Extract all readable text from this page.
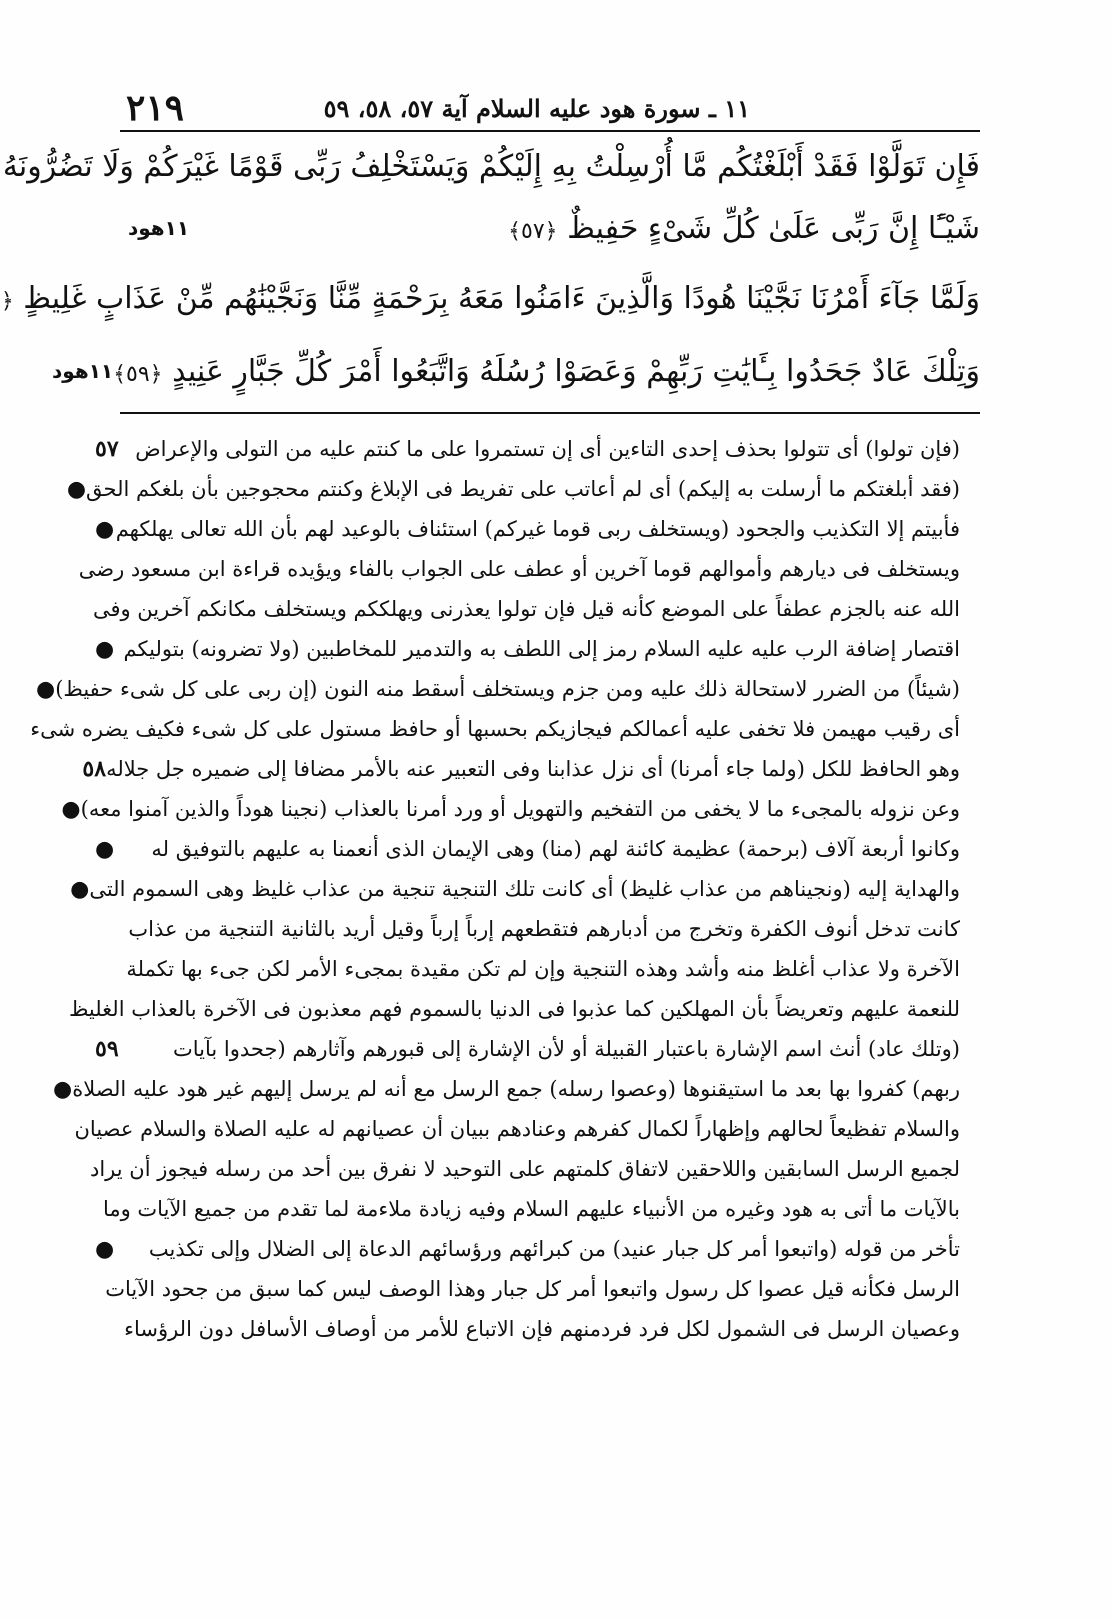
٢١٩	١١ ـ سورة هود عليه السلام آية ٥٧، ٥٨، ٥٩
فَإِن تَوَلَّوْا فَقَدْ أَبْلَغْتُكُم مَّا أُرْسِلْتُ بِهِ إِلَيْكُمْ وَيَسْتَخْلِفُ رَبِّى قَوْمًا غَيْرَكُمْ وَلَا تَضُرُّونَهُ
شَيْـًٔا إِنَّ رَبِّى عَلَىٰ كُلِّ شَىْءٍ حَفِيظٌ ﴿٥٧﴾
١١هود
وَلَمَّا جَآءَ أَمْرُنَا نَجَّيْنَا هُودًا وَالَّذِينَ ءَامَنُوا مَعَهُ بِرَحْمَةٍ مِّنَّا وَنَجَّيْنَٰهُم مِّنْ عَذَابٍ غَلِيظٍ ﴿
وَتِلْكَ عَادٌ جَحَدُوا بِـَٔايَٰتِ رَبِّهِمْ وَعَصَوْا رُسُلَهُ وَاتَّبَعُوا أَمْرَ كُلِّ جَبَّارٍ عَنِيدٍ ﴿٥٩﴾
١١هود
(فإن تولوا) أى تتولوا بحذف إحدى التاءين أى إن تستمروا على ما كنتم عليه من التولى والإعراض
٥٧
(فقد أبلغتكم ما أرسلت به إليكم) أى لم أعاتب على تفريط فى الإبلاغ وكنتم محجوجين بأن بلغكم الحق
●
فأبيتم إلا التكذيب والجحود (ويستخلف ربى قوما غيركم) استئناف بالوعيد لهم بأن الله تعالى يهلكهم
●
ويستخلف فى ديارهم وأموالهم قوما آخرين أو عطف على الجواب بالفاء ويؤيده قراءة ابن مسعود رضى
الله عنه بالجزم عطفاً على الموضع كأنه قيل فإن تولوا يعذرنى ويهلككم ويستخلف مكانكم آخرين وفى
اقتصار إضافة الرب عليه عليه السلام رمز إلى اللطف به والتدمير للمخاطبين (ولا تضرونه) بتوليكم
●
(شيئاً) من الضرر لاستحالة ذلك عليه ومن جزم ويستخلف أسقط منه النون (إن ربى على كل شىء حفيظ)
●
أى رقيب مهيمن فلا تخفى عليه أعمالكم فيجازيكم بحسبها أو حافظ مستول على كل شىء فكيف يضره شىء
وهو الحافظ للكل (ولما جاء أمرنا) أى نزل عذابنا وفى التعبير عنه بالأمر مضافا إلى ضميره جل جلاله
٥٨
وعن نزوله بالمجىء ما لا يخفى من التفخيم والتهويل أو ورد أمرنا بالعذاب (نجينا هوداً والذين آمنوا معه)
●
وكانوا أربعة آلاف (برحمة) عظيمة كائنة لهم (منا) وهى الإيمان الذى أنعمنا به عليهم بالتوفيق له
●
والهداية إليه (ونجيناهم من عذاب غليظ) أى كانت تلك التنجية تنجية من عذاب غليظ وهى السموم التى
●
كانت تدخل أنوف الكفرة وتخرج من أدبارهم فتقطعهم إرباً إرباً وقيل أريد بالثانية التنجية من عذاب
الآخرة ولا عذاب أغلظ منه وأشد وهذه التنجية وإن لم تكن مقيدة بمجىء الأمر لكن جىء بها تكملة
للنعمة عليهم وتعريضاً بأن المهلكين كما عذبوا فى الدنيا بالسموم فهم معذبون فى الآخرة بالعذاب الغليظ
(وتلك عاد) أنث اسم الإشارة باعتبار القبيلة أو لأن الإشارة إلى قبورهم وآثارهم (جحدوا بآيات
٥٩
ربهم) كفروا بها بعد ما استيقنوها (وعصوا رسله) جمع الرسل مع أنه لم يرسل إليهم غير هود عليه الصلاة
●
والسلام تفظيعاً لحالهم وإظهاراً لكمال كفرهم وعنادهم ببيان أن عصيانهم له عليه الصلاة والسلام عصيان
لجميع الرسل السابقين واللاحقين لاتفاق كلمتهم على التوحيد لا نفرق بين أحد من رسله فيجوز أن يراد
بالآيات ما أتى به هود وغيره من الأنبياء عليهم السلام وفيه زيادة ملاءمة لما تقدم من جميع الآيات وما
تأخر من قوله (واتبعوا أمر كل جبار عنيد) من كبرائهم ورؤسائهم الدعاة إلى الضلال وإلى تكذيب
●
الرسل فكأنه قيل عصوا كل رسول واتبعوا أمر كل جبار وهذا الوصف ليس كما سبق من جحود الآيات
وعصيان الرسل فى الشمول لكل فرد فردمنهم فإن الاتباع للأمر من أوصاف الأسافل دون الرؤساء
